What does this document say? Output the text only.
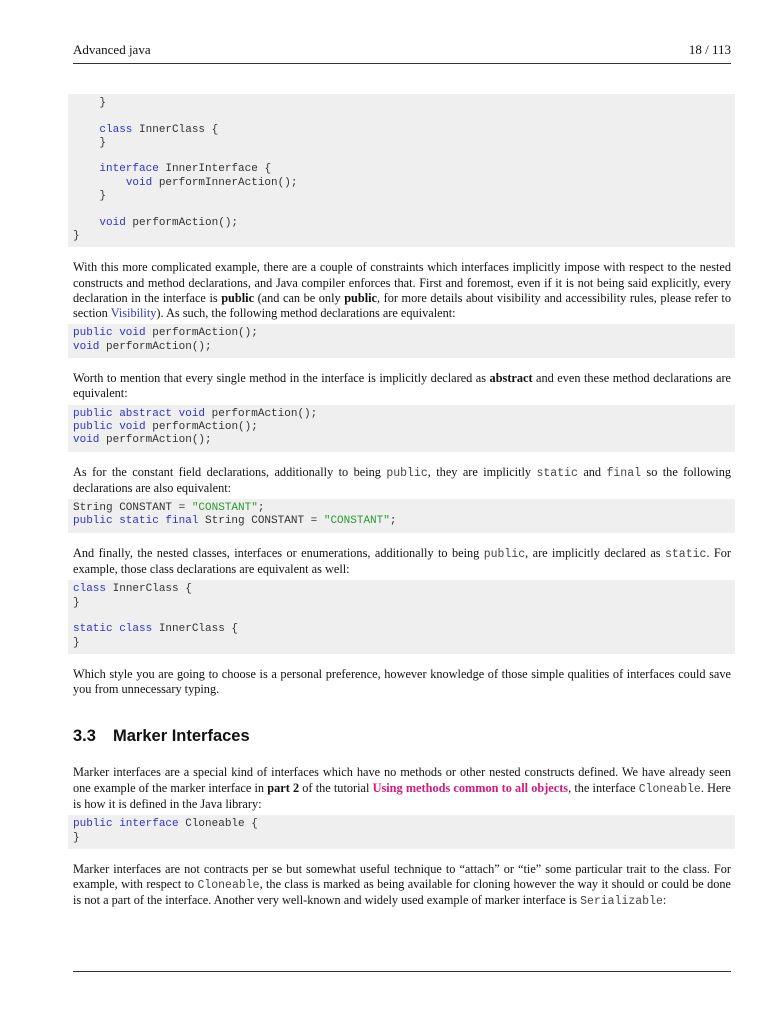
Advanced java	18 / 113
}

class InnerClass {
}

interface InnerInterface {
void performInnerAction();
}

void performAction();
}

With this more complicated example, there are a couple of constraints which interfaces implicitly impose with respect to the nested constructs and method declarations, and Java compiler enforces that. First and foremost, even if it is not being said explicitly, every declaration in the interface is public (and can be only public, for more details about visibility and accessibility rules, please refer to section Visibility). As such, the following method declarations are equivalent:

public void performAction();
void performAction();

Worth to mention that every single method in the interface is implicitly declared as abstract and even these method declarations are equivalent:

public abstract void performAction();
public void performAction();
void performAction();

As for the constant field declarations, additionally to being public, they are implicitly static and final so the following declarations are also equivalent:

String CONSTANT = "CONSTANT";
public static final String CONSTANT = "CONSTANT";

And finally, the nested classes, interfaces or enumerations, additionally to being public, are implicitly declared as static. For example, those class declarations are equivalent as well:

class InnerClass {
}

static class InnerClass {
}

Which style you are going to choose is a personal preference, however knowledge of those simple qualities of interfaces could save you from unnecessary typing.

3.3 Marker Interfaces

Marker interfaces are a special kind of interfaces which have no methods or other nested constructs defined. We have already seen one example of the marker interface in part 2 of the tutorial Using methods common to all objects, the interface Cloneable. Here is how it is defined in the Java library:

public interface Cloneable {
}

Marker interfaces are not contracts per se but somewhat useful technique to “attach” or “tie” some particular trait to the class. For example, with respect to Cloneable, the class is marked as being available for cloning however the way it should or could be done is not a part of the interface. Another very well-known and widely used example of marker interface is Serializable:
